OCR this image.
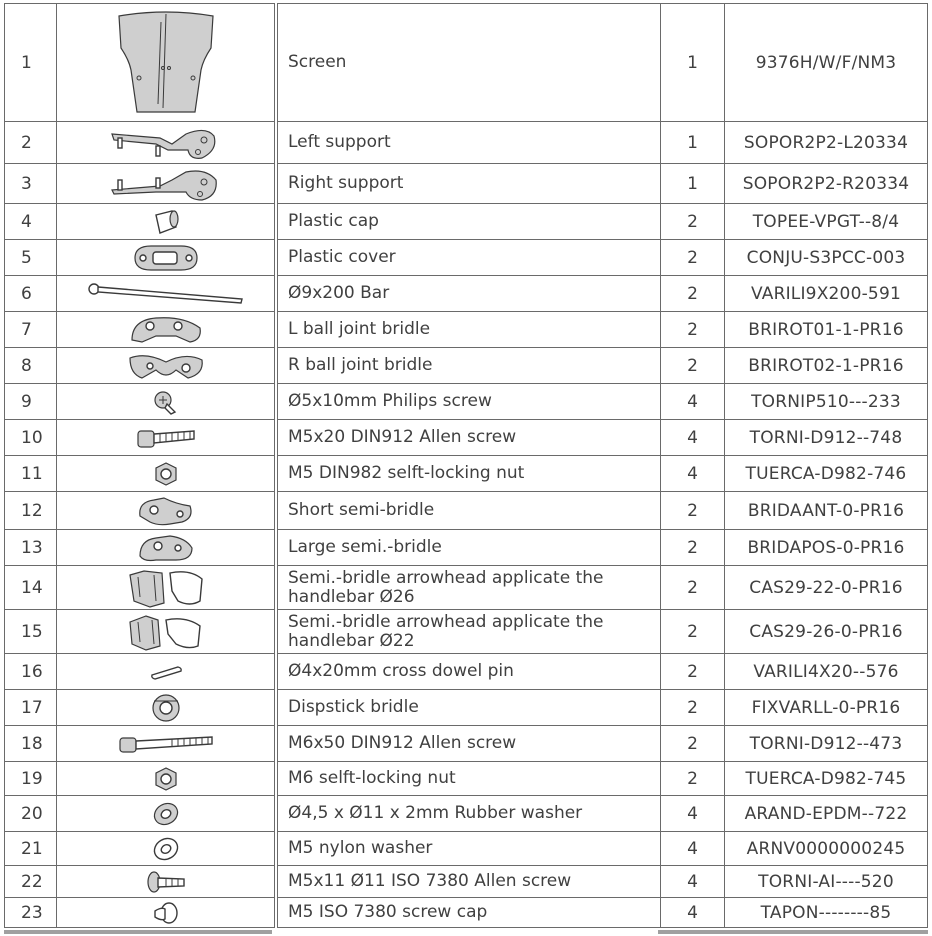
1			Screen	1	9376H/W/F/NM3
2			Left support	1	SOPOR2P2-L20334
3			Right support	1	SOPOR2P2-R20334
4			Plastic cap	2	TOPEE-VPGT--8/4
5			Plastic cover	2	CONJU-S3PCC-003
6			Ø9x200 Bar	2	VARILI9X200-591
7			L ball joint bridle	2	BRIROT01-1-PR16
8			R ball joint bridle	2	BRIROT02-1-PR16
9			Ø5x10mm Philips screw	4	TORNIP510---233
10			M5x20 DIN912 Allen screw	4	TORNI-D912--748
11			M5 DIN982 selft-locking nut	4	TUERCA-D982-746
12			Short semi-bridle	2	BRIDAANT-0-PR16
13			Large semi.-bridle	2	BRIDAPOS-0-PR16
14			Semi.-bridle arrowhead applicate the handlebar Ø26	2	CAS29-22-0-PR16
15			Semi.-bridle arrowhead applicate the handlebar Ø22	2	CAS29-26-0-PR16
16			Ø4x20mm cross dowel pin	2	VARILI4X20--576
17			Dispstick bridle	2	FIXVARLL-0-PR16
18			M6x50 DIN912 Allen screw	2	TORNI-D912--473
19			M6 selft-locking nut	2	TUERCA-D982-745
20			Ø4,5 x Ø11 x 2mm Rubber washer	4	ARAND-EPDM--722
21			M5 nylon washer	4	ARNV0000000245
22			M5x11 Ø11 ISO 7380 Allen screw	4	TORNI-AI----520
23			M5 ISO 7380 screw cap	4	TAPON--------85
